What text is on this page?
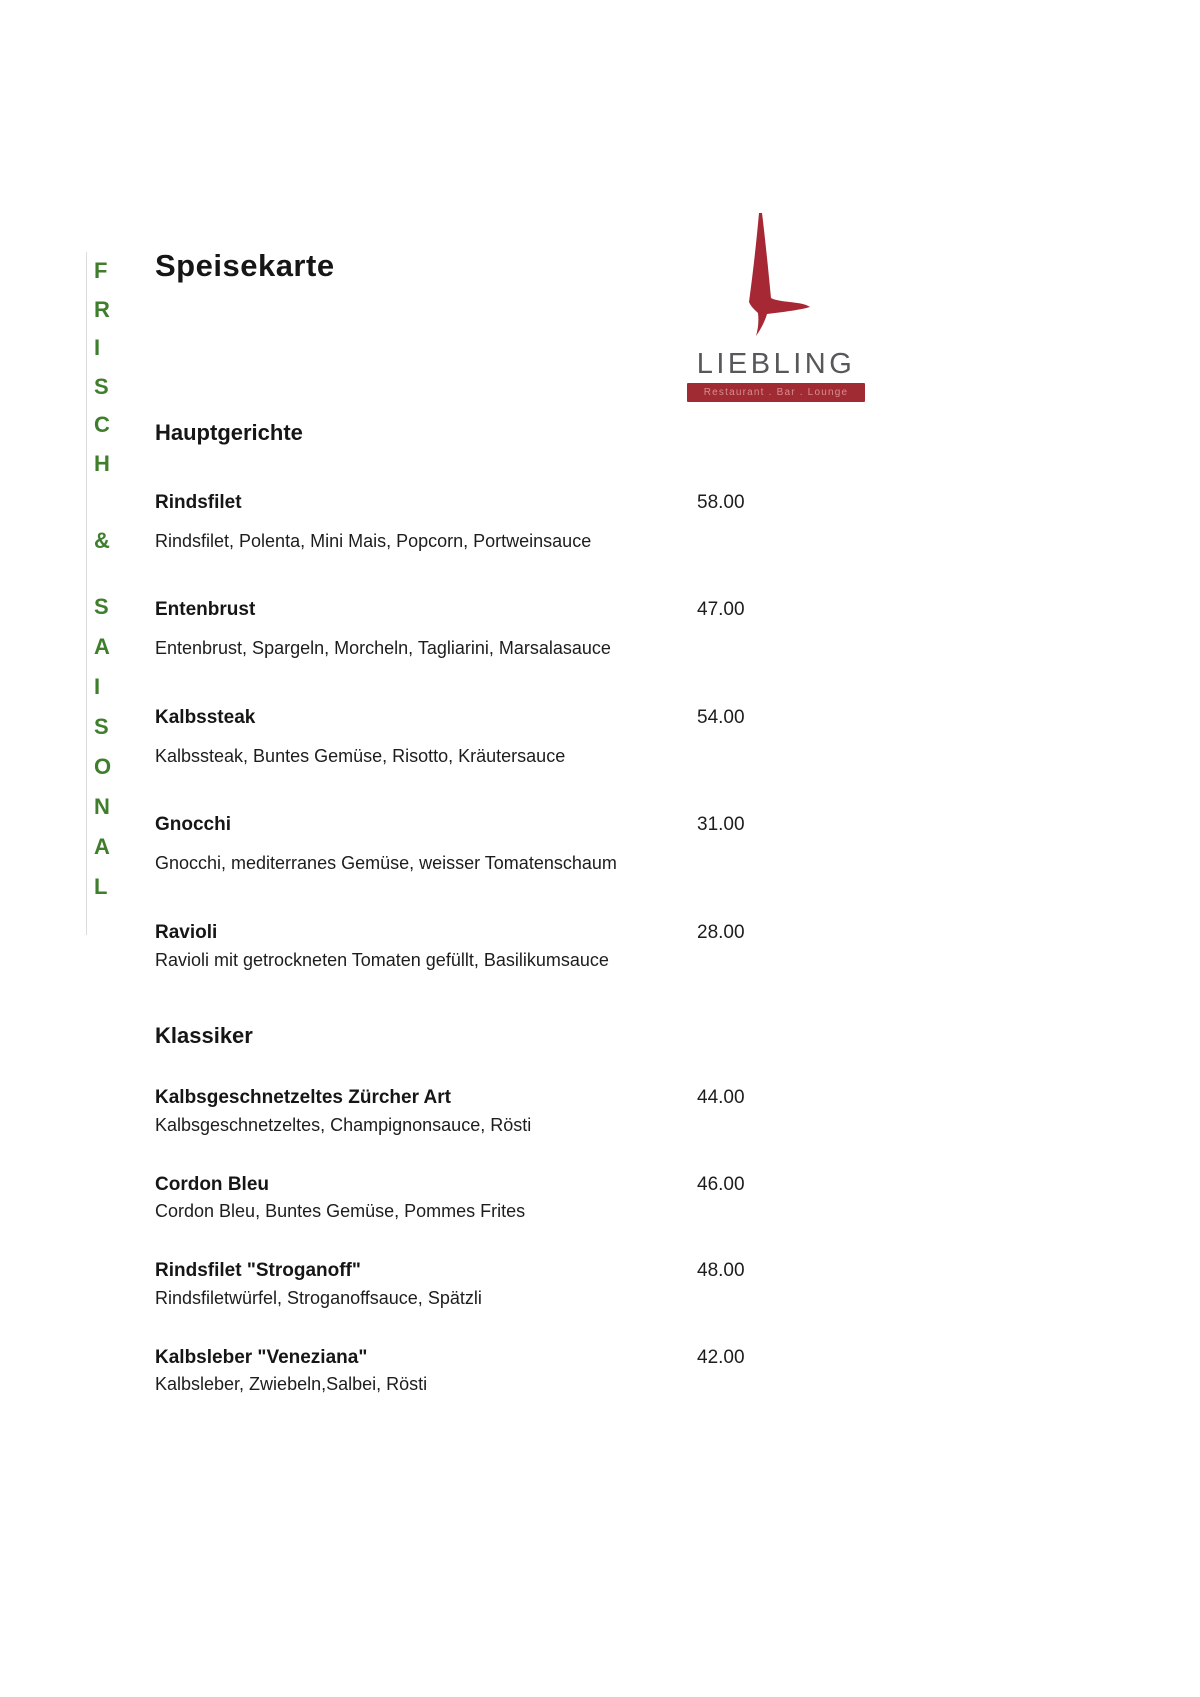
F
R
I
S
C
H
&
S
A
I
S
O
N
A
L
Speisekarte
LIEBLING
Restaurant . Bar . Lounge
Hauptgerichte
Rindsfilet	58.00
Rindsfilet, Polenta, Mini Mais, Popcorn, Portweinsauce
Entenbrust	47.00
Entenbrust, Spargeln, Morcheln, Tagliarini, Marsalasauce
Kalbssteak	54.00
Kalbssteak, Buntes Gemüse, Risotto, Kräutersauce
Gnocchi	31.00
Gnocchi, mediterranes Gemüse, weisser Tomatenschaum
Ravioli	28.00
Ravioli mit getrockneten Tomaten gefüllt, Basilikumsauce
Klassiker
Kalbsgeschnetzeltes Zürcher Art	44.00
Kalbsgeschnetzeltes, Champignonsauce, Rösti
Cordon Bleu	46.00
Cordon Bleu, Buntes Gemüse, Pommes Frites
Rindsfilet "Stroganoff"	48.00
Rindsfiletwürfel, Stroganoffsauce, Spätzli
Kalbsleber "Veneziana"	42.00
Kalbsleber, Zwiebeln,Salbei, Rösti
